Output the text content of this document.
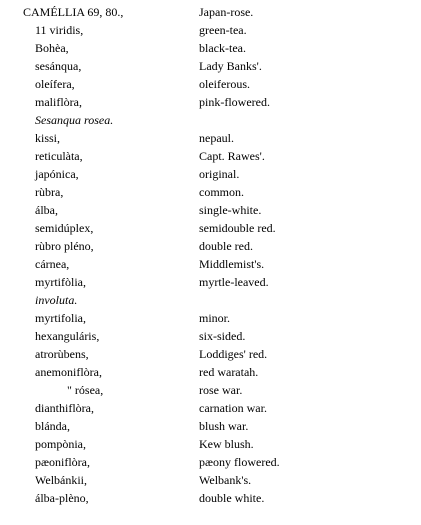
CAMÉLLIA 69, 80.,	Japan-rose.
11 viridis,	green-tea.
Bohèa,	black-tea.
sesánqua,	Lady Banks'.
oleífera,	oleiferous.
maliflòra,	pink-flowered.
Sesanqua rosea.
kissi,	nepaul.
reticulàta,	Capt. Rawes'.
japónica,	original.
rùbra,	common.
álba,	single-white.
semidúplex,	semidouble red.
rùbro pléno,	double red.
cárnea,	Middlemist's.
myrtifòlia,	myrtle-leaved.
involuta.
myrtifolia,	minor.
hexanguláris,	six-sided.
atrorùbens,	Loddiges' red.
anemoniflòra,	red waratah.
" rósea,	rose war.
dianthiflòra,	carnation war.
blánda,	blush war.
pompònia,	Kew blush.
pæoniflòra,	pæony flowered.
Welbánkii,	Welbank's.
álba-plèno,	double white.
